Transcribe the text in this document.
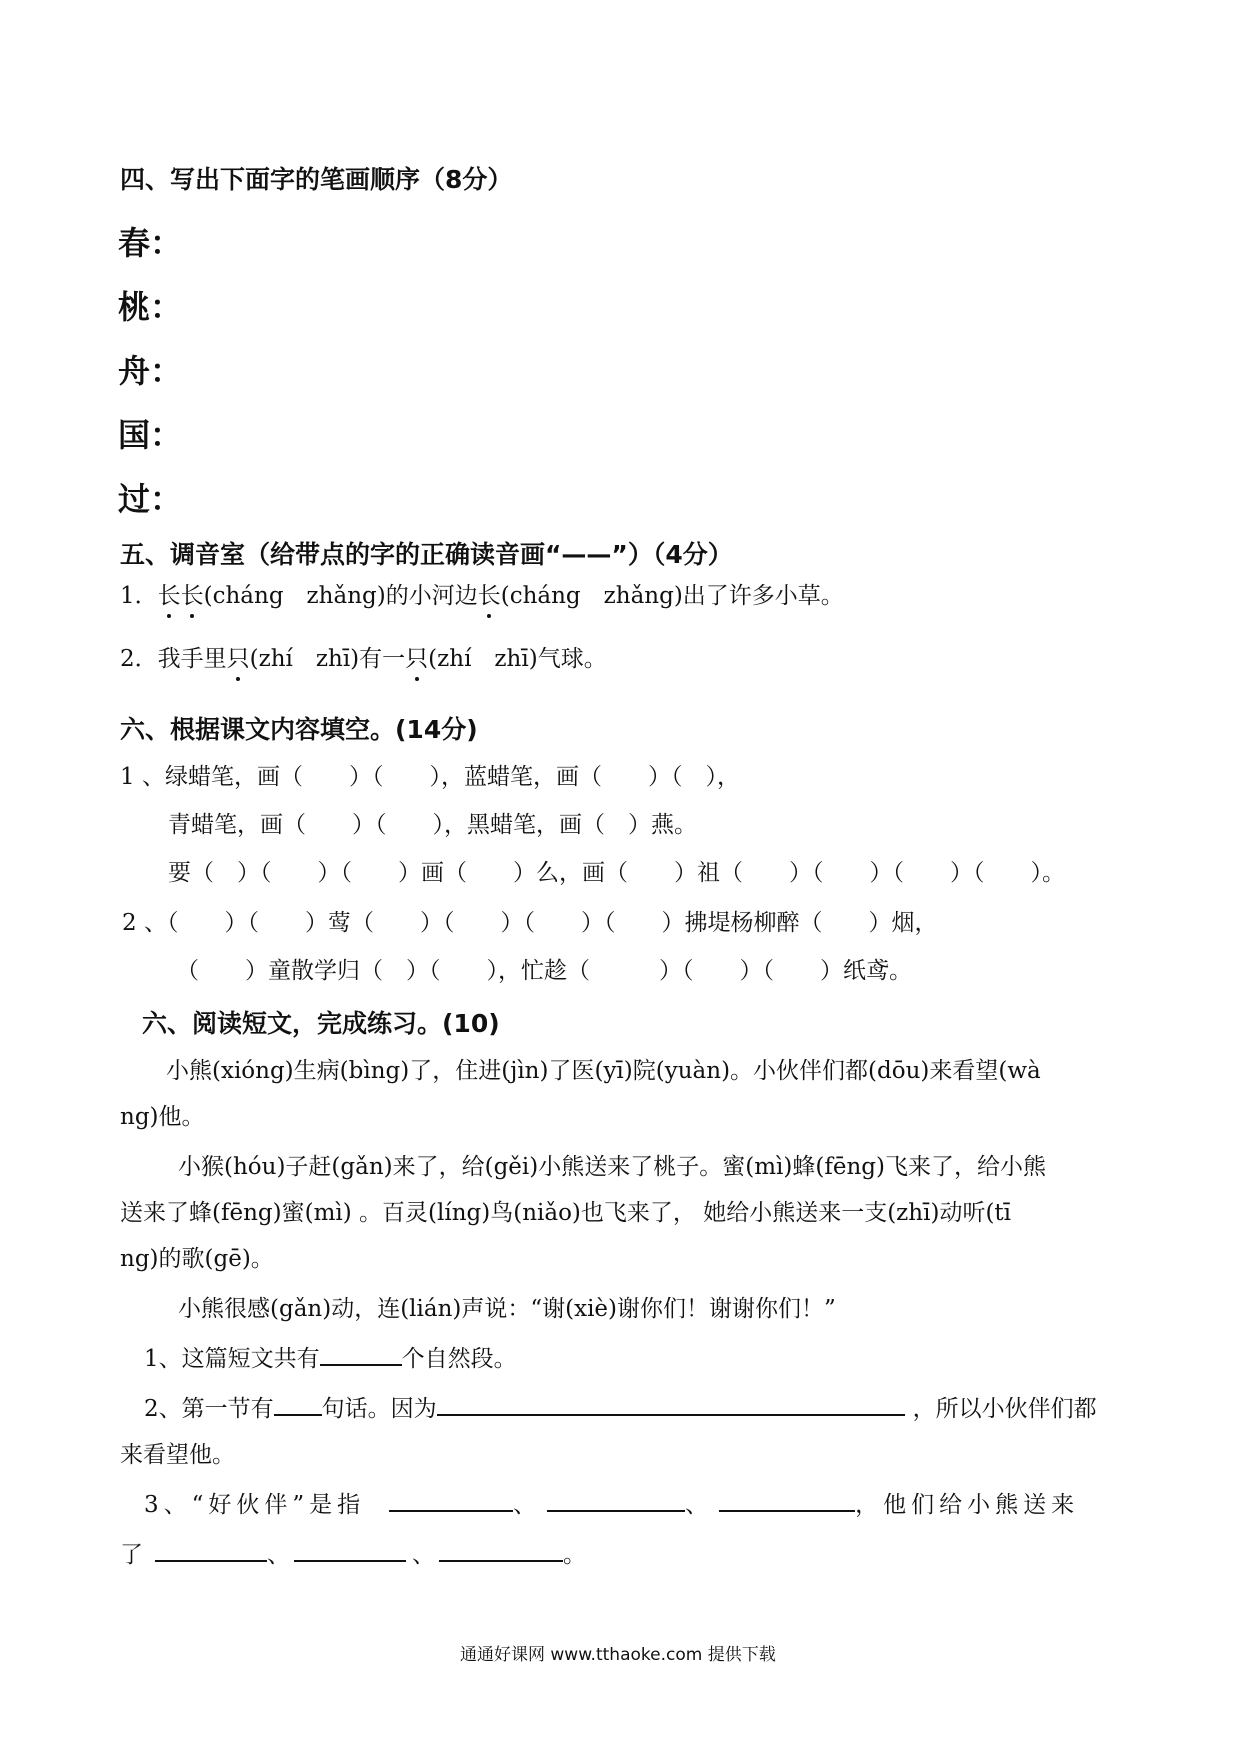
四、写出下面字的笔画顺序（8分）
春：
桃：
舟：
国：
过：
五、调音室（给带点的字的正确读音画“——”）（4分）
1．长长(cháng　zhǎng)的小河边长(cháng　zhǎng)出了许多小草。
2．我手里只(zhí　zhī)有一只(zhí　zhī)气球。
六、根据课文内容填空。(14分)
1 、绿蜡笔，画（　　）（　　），蓝蜡笔，画（　　）（　），
青蜡笔，画（　　）（　　），黑蜡笔，画（　）燕。
要（　）（　　）（　　）画（　　）么，画（　　）祖（　　）（　　）（　　）（　　）。
2 、（　　）（　　）莺（　　）（　　）（　　）（　　）拂堤杨柳醉（　　）烟，
（　　）童散学归（　）（　　），忙趁（　　　）（　　）（　　）纸鸢。
六、阅读短文，完成练习。(10)
小熊(xióng)生病(bìng)了，住进(jìn)了医(yī)院(yuàn)。小伙伴们都(dōu)来看望(wà
ng)他。
小猴(hóu)子赶(gǎn)来了，给(gěi)小熊送来了桃子。蜜(mì)蜂(fēng)飞来了，给小熊
送来了蜂(fēng)蜜(mì) 。百灵(líng)鸟(niǎo)也飞来了， 她给小熊送来一支(zhī)动听(tī
ng)的歌(gē)。
小熊很感(gǎn)动，连(lián)声说：“谢(xiè)谢你们！谢谢你们！”
1、这篇短文共有	个自然段。
2、第一节有 句话。因为	，所以小伙伴们都
来看望他。
3、“好伙伴”是指	、	、	，他们给小熊送来
了	、	、	。
通通好课网 www.tthaoke.com 提供下载
